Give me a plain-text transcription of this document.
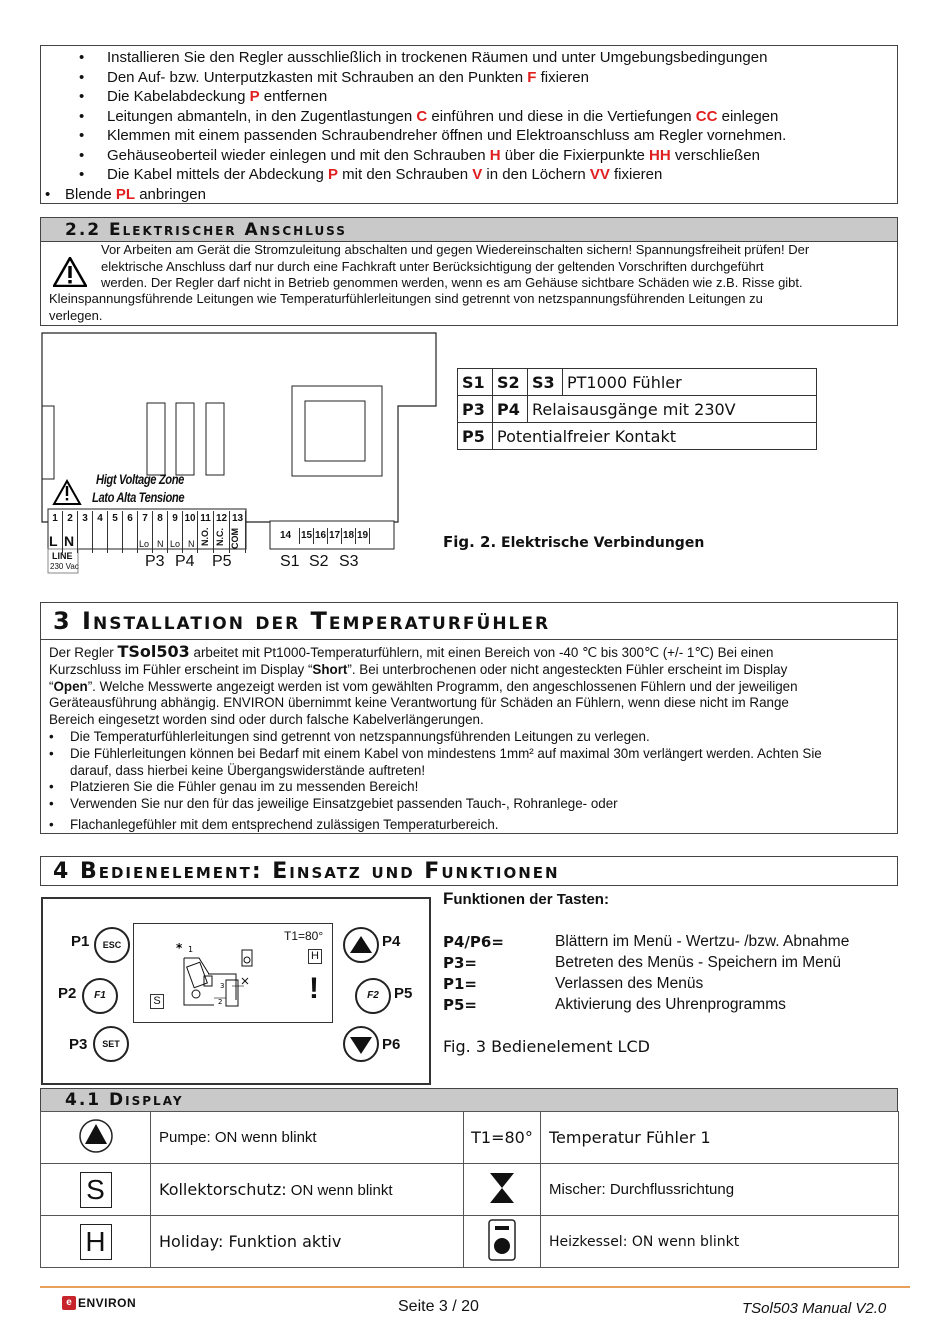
• Installieren Sie den Regler ausschließlich in trockenen Räumen und unter Umgebungsbedingungen
• Den Auf- bzw. Unterputzkasten mit Schrauben an den Punkten F fixieren
• Die Kabelabdeckung P entfernen
• Leitungen abmanteln, in den Zugentlastungen C einführen und diese in die Vertiefungen CC einlegen
• Klemmen mit einem passenden Schraubendreher öffnen und Elektroanschluss am Regler vornehmen.
• Gehäuseoberteil wieder einlegen und mit den Schrauben H über die Fixierpunkte HH verschließen
• Die Kabel mittels der Abdeckung P mit den Schrauben V in den Löchern VV fixieren
• Blende PL anbringen
2.2 Elektrischer Anschluss
Vor Arbeiten am Gerät die Stromzuleitung abschalten und gegen Wiedereinschalten sichern! Spannungsfreiheit prüfen! Der
elektrische Anschluss darf nur durch eine Fachkraft unter Berücksichtigung der geltenden Vorschriften durchgeführt
werden. Der Regler darf nicht in Betrieb genommen werden, wenn es am Gehäuse sichtbare Schäden wie z.B. Risse gibt.
Kleinspannungsführende Leitungen wie Temperaturfühlerleitungen sind getrennt von netzspannungsführenden Leitungen zu
verlegen.
Higt Voltage Zone
Lato Alta Tensione
1 2 3 4 5 6 7 8 9 10 11 12 13
14 15 16 17 18 19
L N	Lo N Lo N N.O. N.C. COM
LINE
230 Vac	P3 P4 P5	S1 S2 S3
S1	S2	S3	PT1000 Fühler
P3	P4	Relaisausgänge mit 230V	
P5	Potentialfreier Kontakt		
Fig. 2. Elektrische Verbindungen
3 Installation der Temperaturfühler
Der Regler TSol503 arbeitet mit Pt1000-Temperaturfühlern, mit einen Bereich von -40 ℃ bis 300℃ (+/- 1℃) Bei einen
Kurzschluss im Fühler erscheint im Display “Short”. Bei unterbrochenen oder nicht angesteckten Fühler erscheint im Display
“Open”. Welche Messwerte angezeigt werden ist vom gewählten Programm, den angeschlossenen Fühlern und der jeweiligen
Geräteausführung abhängig. ENVIRON übernimmt keine Verantwortung für Schäden an Fühlern, wenn diese nicht im Range
Bereich eingesetzt worden sind oder durch falsche Kabelverlängerungen.
• Die Temperaturfühlerleitungen sind getrennt von netzspannungsführenden Leitungen zu verlegen.
• Die Fühlerleitungen können bei Bedarf mit einem Kabel von mindestens 1mm² auf maximal 30m verlängert werden. Achten Sie
darauf, dass hierbei keine Übergangswiderstände auftreten!
• Platzieren Sie die Fühler genau im zu messenden Bereich!
• Verwenden Sie nur den für das jeweilige Einsatzgebiet passenden Tauch-, Rohranlege- oder
• Flachanlegefühler mit dem entsprechend zulässigen Temperaturbereich.
4 Bedienelement: Einsatz und Funktionen
T1=80°
H
!
S
* 1
3
2
P1	ESC
P2	F1
P3	SET
P4
F2	P5
P6
Funktionen der Tasten:
P4/P6=	Blättern im Menü - Wertzu- /bzw. Abnahme
P3=	Betreten des Menüs - Speichern im Menü
P1=	Verlassen des Menüs
P5=	Aktivierung des Uhrenprogramms
Fig. 3 Bedienelement LCD
4.1 Display
	Pumpe: ON wenn blinkt	T1=80°	Temperatur Fühler 1
S	Kollektorschutz: ON wenn blinkt		Mischer: Durchflussrichtung
H	Holiday: Funktion aktiv		Heizkessel: ON wenn blinkt
e ENVIRON	Seite 3 / 20	TSol503 Manual V2.0
